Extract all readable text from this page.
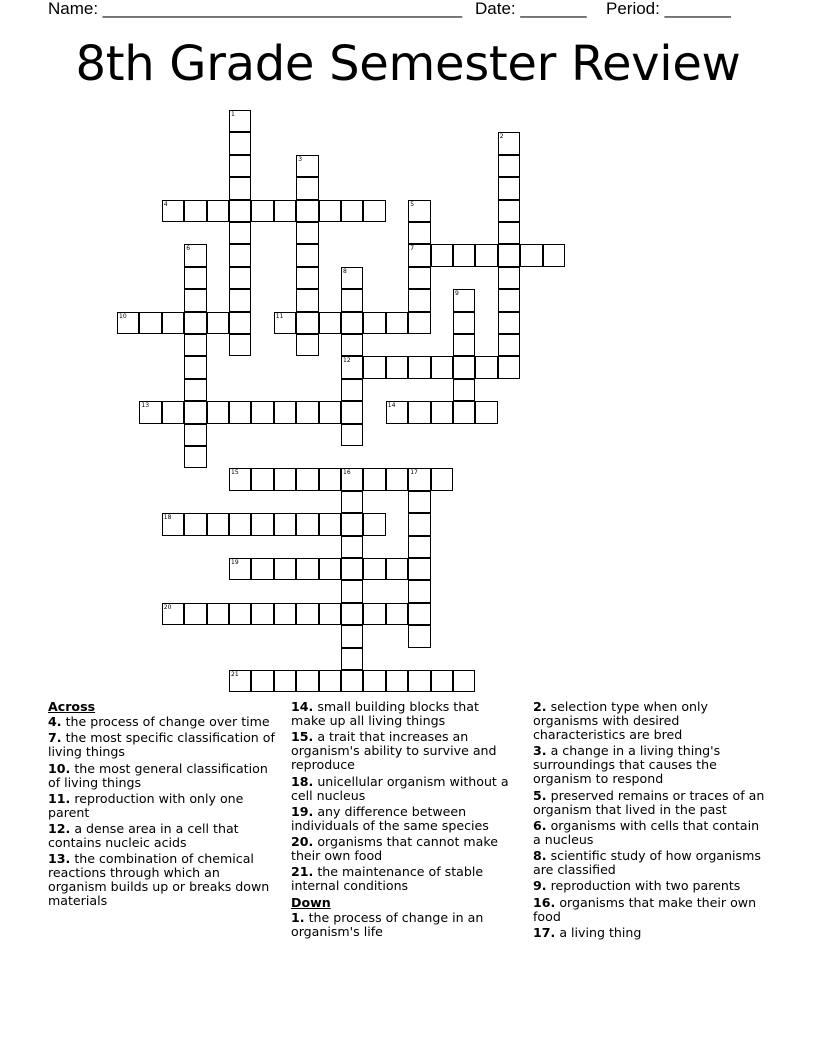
Name: ______________________________________ Date: _______ Period: _______
8th Grade Semester Review
1
2
3
4	5
7
6
8
12
9
10	11
13	14
15	16	17
18
19
20
21
Across
4. the process of change over time
7. the most specific classification of living things
10. the most general classification of living things
11. reproduction with only one parent
12. a dense area in a cell that contains nucleic acids
13. the combination of chemical reactions through which an organism builds up or breaks down materials
14. small building blocks that make up all living things
15. a trait that increases an organism's ability to survive and reproduce
18. unicellular organism without a cell nucleus
19. any difference between individuals of the same species
20. organisms that cannot make their own food
21. the maintenance of stable internal conditions
Down
1. the process of change in an organism's life
2. selection type when only organisms with desired characteristics are bred
3. a change in a living thing's surroundings that causes the organism to respond
5. preserved remains or traces of an organism that lived in the past
6. organisms with cells that contain a nucleus
8. scientific study of how organisms are classified
9. reproduction with two parents
16. organisms that make their own food
17. a living thing
